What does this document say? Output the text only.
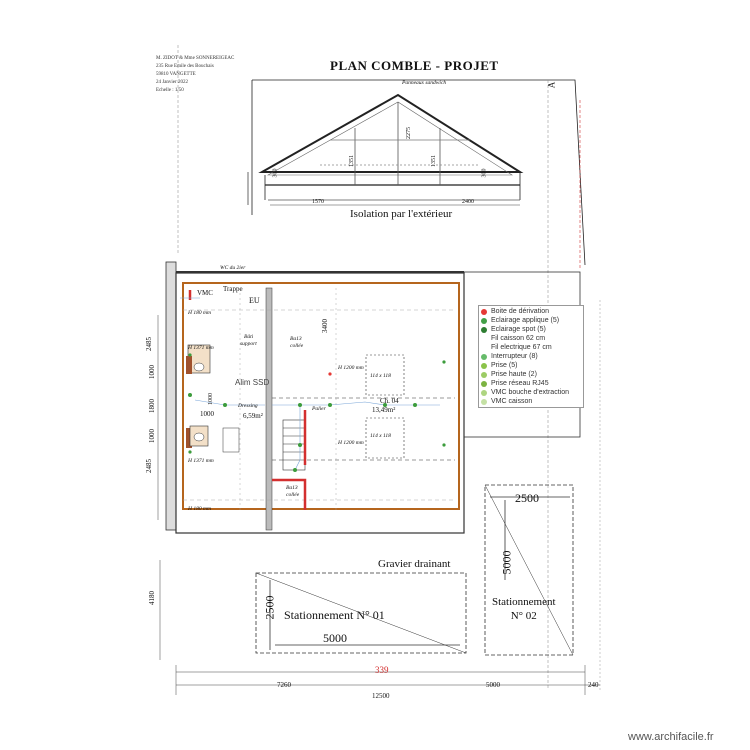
M. ZIDOT & Mme SONNEREIGEAC
235 Rue Emile des Bouchais
59810 VANGETTE
24 Janvier 2022
Echelle : 1/50
PLAN COMBLE - PROJET
Panneaux sandwich
1570	2400
300
1351	1351
2275
300
Isolation par l'extérieur
A
WC du 2ier
VMC Trappe
EU
Bâti
support
Ba13
collée
Alim SSD
Dressing
6,59m²
Ch. 04
13,49m²
Palier
Ba13
collée
114 x 118
114 x 118
H 1200 mm
H 1200 mm
H 1371 mm
H 1371 mm
H 180 mm
H 180 mm
3400
1000
1000
2485
1000
1800
1000
2485
4180
Boite de dérivation
Eclairage applique (5)
Eclairage spot (5)
Fil caisson 62 cm
Fil electrique 67 cm
Interrupteur (8)
Prise (5)
Prise haute (2)
Prise réseau RJ45
VMC bouche d'extraction
VMC caisson
Gravier drainant
Stationnement N° 01
5000
2500	Stationnement
N° 02
2500
5000
339
7260	5000	240
12500
www.archifacile.fr
